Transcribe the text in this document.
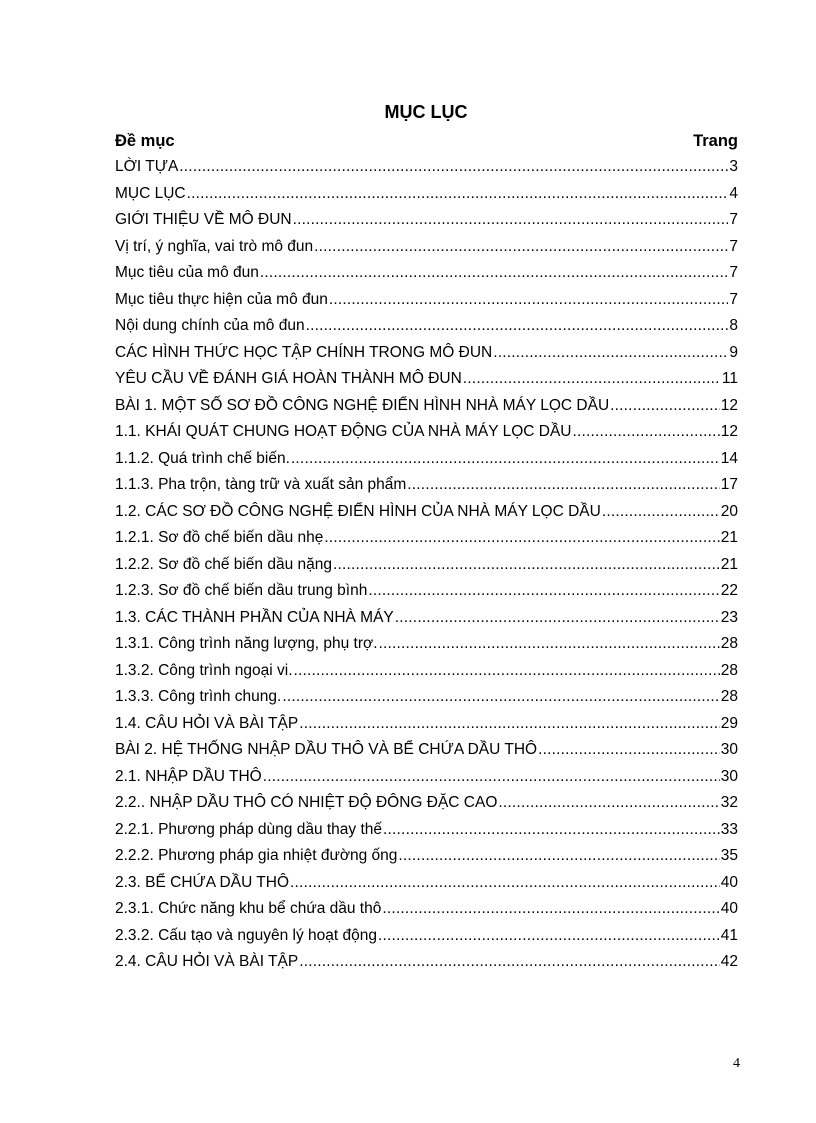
MỤC LỤC
Đề mục	Trang
LỜI TỰA .....	3
MỤC LỤC .....	4
GIỚI THIỆU VỀ MÔ ĐUN .....	7
Vị trí, ý nghĩa, vai trò mô đun .....	7
Mục tiêu của mô đun .....	7
Mục tiêu thực hiện của mô đun .....	7
Nội dung chính của mô đun .....	8
CÁC HÌNH THỨC HỌC TẬP CHÍNH TRONG MÔ ĐUN .....	9
YÊU CẦU VỀ ĐÁNH GIÁ HOÀN THÀNH MÔ ĐUN .....	11
BÀI 1. MỘT SỐ SƠ ĐỒ CÔNG NGHỆ ĐIỂN HÌNH NHÀ MÁY LỌC DẦU .....	12
1.1. KHÁI QUÁT CHUNG HOẠT ĐỘNG CỦA NHÀ MÁY LỌC DẦU .....	12
1.1.2. Quá trình chế biến. .....	14
1.1.3. Pha trộn, tàng trữ và xuất sản phẩm .....	17
1.2. CÁC SƠ ĐỒ CÔNG NGHỆ ĐIỂN HÌNH CỦA NHÀ MÁY LỌC DẦU .....	20
1.2.1. Sơ đồ chế biến dầu nhẹ .....	21
1.2.2. Sơ đồ chế biến dầu nặng .....	21
1.2.3. Sơ đồ chế biến dầu trung bình .....	22
1.3. CÁC THÀNH PHẦN CỦA NHÀ MÁY .....	23
1.3.1. Công trình năng lượng, phụ trợ. .....	28
1.3.2. Công trình ngoại vi. .....	28
1.3.3. Công trình chung. .....	28
1.4. CÂU HỎI VÀ BÀI TẬP .....	29
BÀI 2. HỆ THỐNG NHẬP DẦU THÔ VÀ BỂ CHỨA DẦU THÔ .....	30
2.1. NHẬP DẦU THÔ .....	30
2.2.. NHẬP DẦU THÔ CÓ NHIỆT ĐỘ ĐÔNG ĐẶC CAO .....	32
2.2.1. Phương pháp dùng dầu thay thế .....	33
2.2.2. Phương pháp gia nhiệt đường ống .....	35
2.3. BỂ CHỨA DẦU THÔ .....	40
2.3.1. Chức năng khu bể chứa dầu thô .....	40
2.3.2. Cấu tạo và nguyên lý hoạt động .....	41
2.4. CÂU HỎI VÀ BÀI TẬP .....	42
4
